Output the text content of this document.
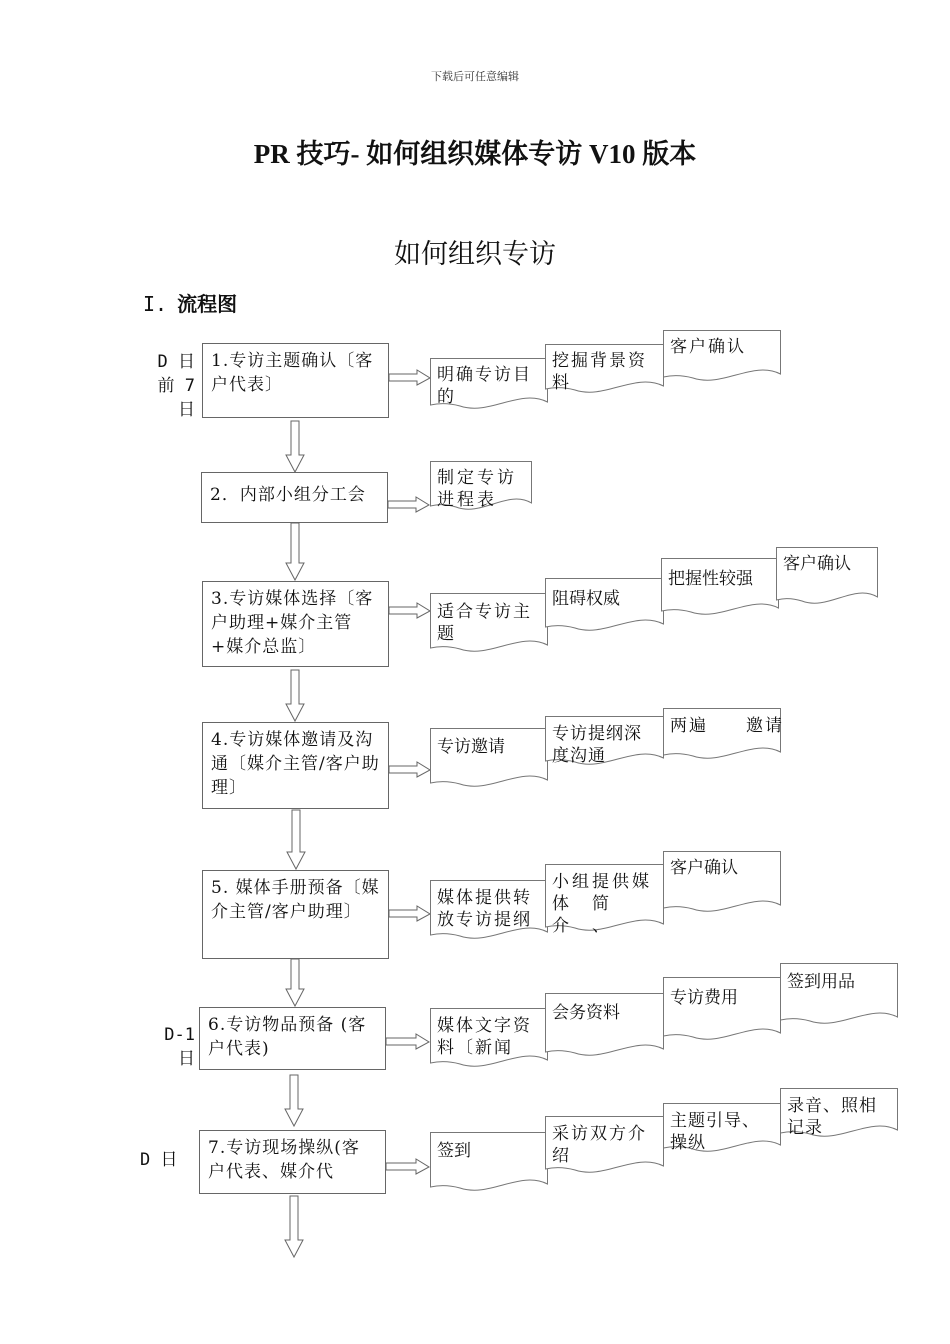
下载后可任意编辑
PR 技巧- 如何组织媒体专访 V10 版本
如何组织专访
I. 流程图
D 日
前 7 日
D-1 日
D 日
1.专访主题确认〔客户代表〕
2．内部小组分工会
3.专访媒体选择〔客户助理+媒介主管+媒介总监〕
4.专访媒体邀请及沟通〔媒介主管/客户助理〕
5. 媒体手册预备〔媒介主管/客户助理〕
6.专访物品预备 (客户代表)
7.专访现场操纵(客户代表、媒介代
明确专访目的
挖掘背景资料
客户确认
制定专访进程表
适合专访主题
阻碍权威
把握性较强
客户确认
专访邀请
专访提纲深度沟通
两遍　　邀请
媒体提供转放专访提纲
小组提供媒体　简　介　、
客户确认
媒体文字资料〔新闻
会务资料
专访费用
签到用品
签到
采访双方介绍
主题引导、操纵
录音、照相记录
